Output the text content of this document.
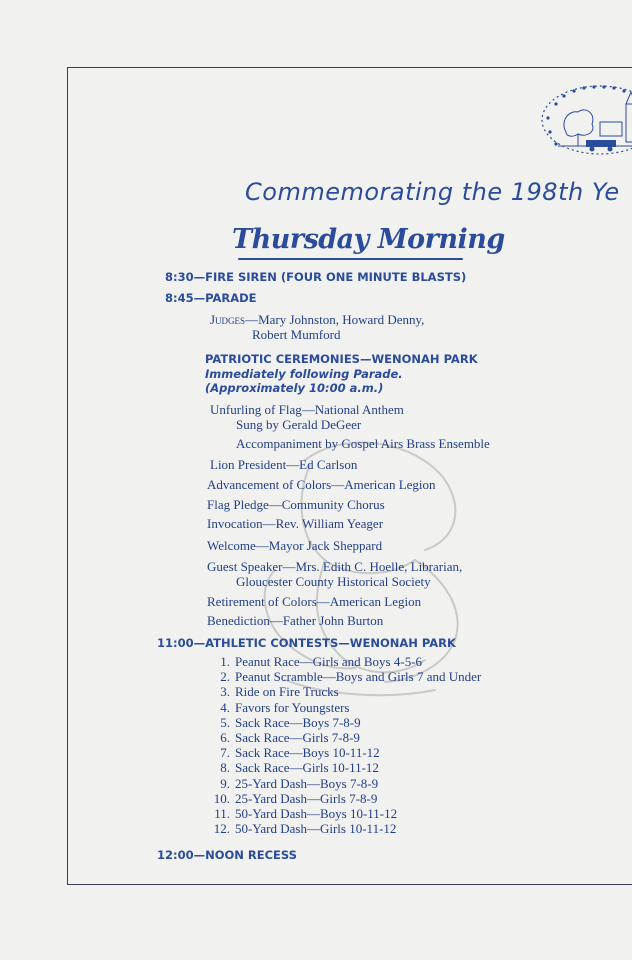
Commemorating the 198th Ye
Thursday Morning
8:30—FIRE SIREN (FOUR ONE MINUTE BLASTS)
8:45—PARADE
Judges—Mary Johnston, Howard Denny,
Robert Mumford
PATRIOTIC CEREMONIES—WENONAH PARK
Immediately following Parade.
(Approximately 10:00 a.m.)
Unfurling of Flag—National Anthem
Sung by Gerald DeGeer
Accompaniment by Gospel Airs Brass Ensemble
Lion President—Ed Carlson
Advancement of Colors—American Legion
Flag Pledge—Community Chorus
Invocation—Rev. William Yeager
Welcome—Mayor Jack Sheppard
Guest Speaker—Mrs. Edith C. Hoelle, Librarian,
Gloucester County Historical Society
Retirement of Colors—American Legion
Benediction—Father John Burton
11:00—ATHLETIC CONTESTS—WENONAH PARK
1. Peanut Race—Girls and Boys 4-5-6
2. Peanut Scramble—Boys and Girls 7 and Under
3. Ride on Fire Trucks
4. Favors for Youngsters
5. Sack Race—Boys 7-8-9
6. Sack Race—Girls 7-8-9
7. Sack Race—Boys 10-11-12
8. Sack Race—Girls 10-11-12
9. 25-Yard Dash—Boys 7-8-9
10. 25-Yard Dash—Girls 7-8-9
11. 50-Yard Dash—Boys 10-11-12
12. 50-Yard Dash—Girls 10-11-12
12:00—NOON RECESS
